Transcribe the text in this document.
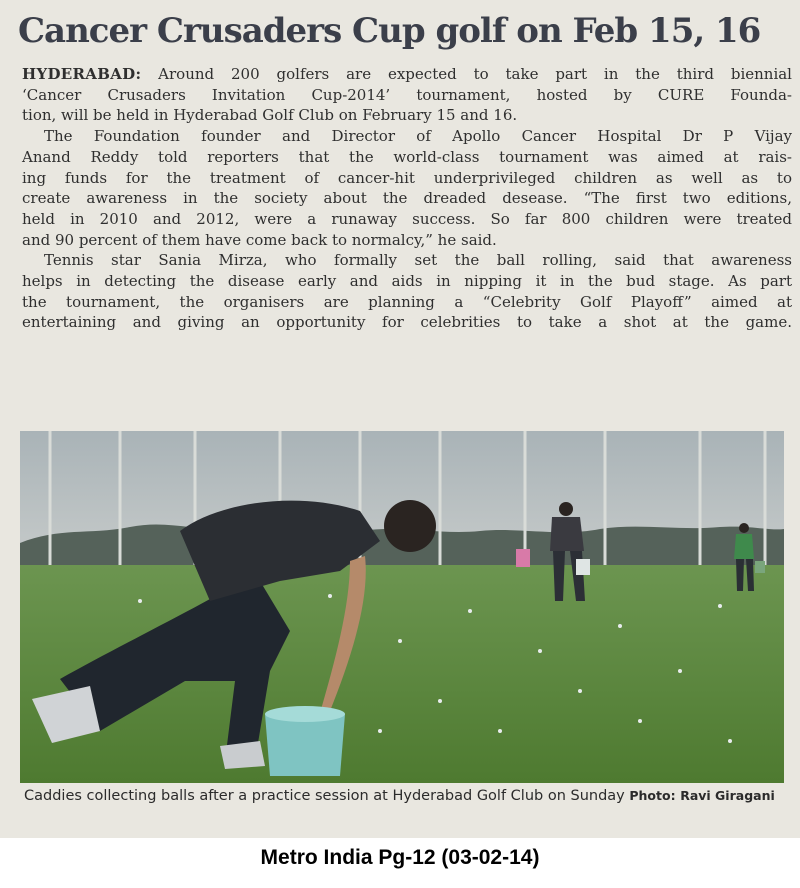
Cancer Crusaders Cup golf on Feb 15, 16

HYDERABAD: Around 200 golfers are expected to take part in the third biennial
‘Cancer Crusaders Invitation Cup-2014’ tournament, hosted by CURE Founda-
tion, will be held in Hyderabad Golf Club on February 15 and 16.

The Foundation founder and Director of Apollo Cancer Hospital Dr P Vijay
Anand Reddy told reporters that the world-class tournament was aimed at rais-
ing funds for the treatment of cancer-hit underprivileged children as well as to
create awareness in the society about the dreaded desease. “The first two editions,
held in 2010 and 2012, were a runaway success. So far 800 children were treated
and 90 percent of them have come back to normalcy,” he said.

Tennis star Sania Mirza, who formally set the ball rolling, said that awareness
helps in detecting the disease early and aids in nipping it in the bud stage. As part
the tournament, the organisers are planning a “Celebrity Golf Playoff” aimed at
entertaining and giving an opportunity for celebrities to take a shot at the game.

Caddies collecting balls after a practice session at Hyderabad Golf Club on Sunday Photo: Ravi Giragani
Metro India Pg-12 (03-02-14)
